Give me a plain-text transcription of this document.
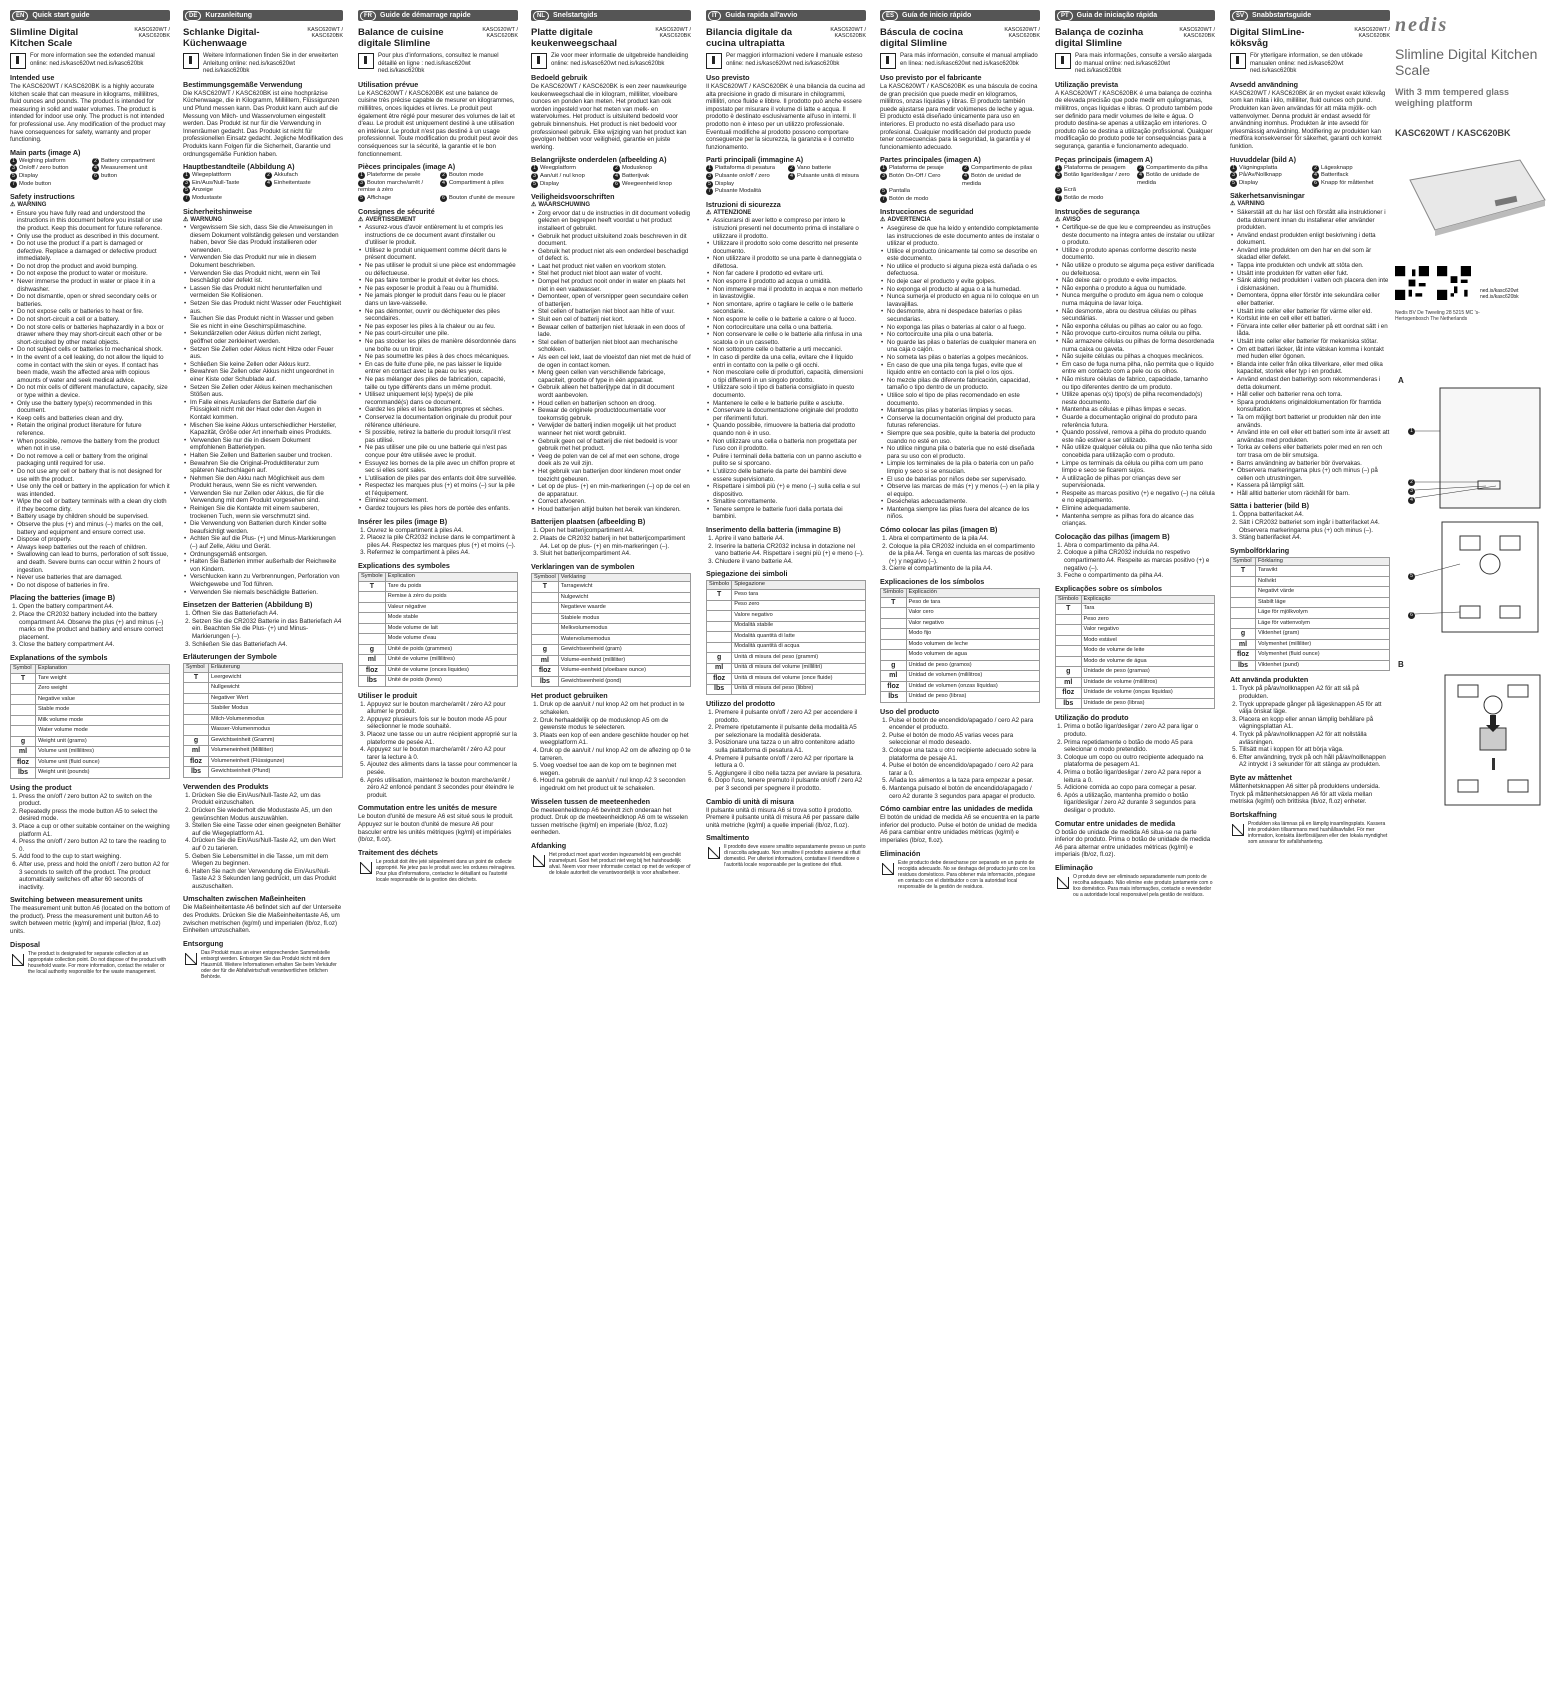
EN	Quick start guide
Slimline Digital Kitchen Scale
KASC620WT / KASC620BK
For more information see the extended manual online: ned.is/kasc620wt ned.is/kasc620bk
Intended use

The KASC620WT / KASC620BK is a highly accurate kitchen scale that can measure in kilograms, millilitres, fluid ounces and pounds. The product is intended for measuring in solid and water volumes. The product is intended for indoor use only. The product is not intended for professional use. Any modification of the product may have consequences for safety, warranty and proper functioning.

Main parts (image A)
1 Weighing platform	2 Battery compartment
3 On/off / zero button	4 Measurement unit
5 Display	6 button
7 Mode button
Safety instructions
⚠ WARNING
• Ensure you have fully read and understood the instructions in this document before you install or use the product. Keep this document for future reference.
• Only use the product as described in this document.
• Do not use the product if a part is damaged or defective. Replace a damaged or defective product immediately.
• Do not drop the product and avoid bumping.
• Do not expose the product to water or moisture.
• Never immerse the product in water or place it in a dishwasher.
• Do not dismantle, open or shred secondary cells or batteries.
• Do not expose cells or batteries to heat or fire.
• Do not short-circuit a cell or a battery.
• Do not store cells or batteries haphazardly in a box or drawer where they may short-circuit each other or be short-circuited by other metal objects.
• Do not subject cells or batteries to mechanical shock.
• In the event of a cell leaking, do not allow the liquid to come in contact with the skin or eyes. If contact has been made, wash the affected area with copious amounts of water and seek medical advice.
• Do not mix cells of different manufacture, capacity, size or type within a device.
• Only use the battery type(s) recommended in this document.
• Keep cells and batteries clean and dry.
• Retain the original product literature for future reference.
• When possible, remove the battery from the product when not in use.
• Do not remove a cell or battery from the original packaging until required for use.
• Do not use any cell or battery that is not designed for use with the product.
• Use only the cell or battery in the application for which it was intended.
• Wipe the cell or battery terminals with a clean dry cloth if they become dirty.
• Battery usage by children should be supervised.
• Observe the plus (+) and minus (–) marks on the cell, battery and equipment and ensure correct use.
• Dispose of properly.
• Always keep batteries out the reach of children.
• Swallowing can lead to burns, perforation of soft tissue, and death. Severe burns can occur within 2 hours of ingestion.
• Never use batteries that are damaged.
• Do not dispose of batteries in fire.
Placing the batteries (image B)
1. Open the battery compartment A4.
2. Place the CR2032 battery included into the battery compartment A4. Observe the plus (+) and minus (–) marks on the product and battery and ensure correct placement.
3. Close the battery compartment A4.
Explanations of the symbols
Symbol	Explanation
T	Tare weight
	Zero weight
	Negative value
	Stable mode
	Milk volume mode
	Water volume mode
g	Weight unit (grams)
ml	Volume unit (millilitres)
floz	Volume unit (fluid ounce)
lbs	Weight unit (pounds)
Using the product
1. Press the on/off / zero button A2 to switch on the product.
2. Repeatedly press the mode button A5 to select the desired mode.
3. Place a cup or other suitable container on the weighing platform A1.
4. Press the on/off / zero button A2 to tare the reading to 0.
5. Add food to the cup to start weighing.
6. After use, press and hold the on/off / zero button A2 for 3 seconds to switch off the product. The product automatically switches off after 60 seconds of inactivity.
Switching between measurement units

The measurement unit button A6 (located on the bottom of the product). Press the measurement unit button A6 to switch between metric (kg/ml) and imperial (lb/oz, fl.oz) units.

Disposal
The product is designated for separate collection at an appropriate collection point. Do not dispose of the product with household waste. For more information, contact the retailer or the local authority responsible for the waste management.
DE	Kurzanleitung
Schlanke Digital-Küchenwaage
KASC620WT / KASC620BK
Weitere Informationen finden Sie in der erweiterten Anleitung online: ned.is/kasc620wt ned.is/kasc620bk
Bestimmungsgemäße Verwendung

Die KASC620WT / KASC620BK ist eine hochpräzise Küchenwaage, die in Kilogramm, Millilitern, Flüssigunzen und Pfund messen kann. Das Produkt kann auch auf die Messung von Milch- und Wasservolumen eingestellt werden. Das Produkt ist nur für die Verwendung in Innenräumen gedacht. Das Produkt ist nicht für professionellen Einsatz gedacht. Jegliche Modifikation des Produkts kann Folgen für die Sicherheit, Garantie und ordnungsgemäße Funktion haben.

Hauptbestandteile (Abbildung A)
1 Wiegeplattform	2 Akkufach
3 Ein/Aus/Null-Taste	4 Einheitentaste
5 Anzeige
7 Modustaste
Sicherheitshinweise
⚠ WARNUNG
• Vergewissern Sie sich, dass Sie die Anweisungen in diesem Dokument vollständig gelesen und verstanden haben, bevor Sie das Produkt installieren oder verwenden.
• Verwenden Sie das Produkt nur wie in diesem Dokument beschrieben.
• Verwenden Sie das Produkt nicht, wenn ein Teil beschädigt oder defekt ist.
• Lassen Sie das Produkt nicht herunterfallen und vermeiden Sie Kollisionen.
• Setzen Sie das Produkt nicht Wasser oder Feuchtigkeit aus.
• Tauchen Sie das Produkt nicht in Wasser und geben Sie es nicht in eine Geschirrspülmaschine.
• Sekundärzellen oder Akkus dürfen nicht zerlegt, geöffnet oder zerkleinert werden.
• Setzen Sie Zellen oder Akkus nicht Hitze oder Feuer aus.
• Schließen Sie keine Zellen oder Akkus kurz.
• Bewahren Sie Zellen oder Akkus nicht ungeordnet in einer Kiste oder Schublade auf.
• Setzen Sie Zellen oder Akkus keinen mechanischen Stößen aus.
• Im Falle eines Auslaufens der Batterie darf die Flüssigkeit nicht mit der Haut oder den Augen in Kontakt kommen.
• Mischen Sie keine Akkus unterschiedlicher Hersteller, Kapazität, Größe oder Art innerhalb eines Produkts.
• Verwenden Sie nur die in diesem Dokument empfohlenen Batterietypen.
• Halten Sie Zellen und Batterien sauber und trocken.
• Bewahren Sie die Original-Produktliteratur zum späteren Nachschlagen auf.
• Nehmen Sie den Akku nach Möglichkeit aus dem Produkt heraus, wenn Sie es nicht verwenden.
• Verwenden Sie nur Zellen oder Akkus, die für die Verwendung mit dem Produkt vorgesehen sind.
• Reinigen Sie die Kontakte mit einem sauberen, trockenen Tuch, wenn sie verschmutzt sind.
• Die Verwendung von Batterien durch Kinder sollte beaufsichtigt werden.
• Achten Sie auf die Plus- (+) und Minus-Markierungen (–) auf Zelle, Akku und Gerät.
• Ordnungsgemäß entsorgen.
• Halten Sie Batterien immer außerhalb der Reichweite von Kindern.
• Verschlucken kann zu Verbrennungen, Perforation von Weichgewebe und Tod führen.
• Verwenden Sie niemals beschädigte Batterien.
Einsetzen der Batterien (Abbildung B)
1. Öffnen Sie das Batteriefach A4.
2. Setzen Sie die CR2032 Batterie in das Batteriefach A4 ein. Beachten Sie die Plus- (+) und Minus-Markierungen (–).
3. Schließen Sie das Batteriefach A4.
Erläuterungen der Symbole
Symbol	Erläuterung
T	Leergewicht
	Nullgewicht
	Negativer Wert
	Stabiler Modus
	Milch-Volumenmodus
	Wasser-Volumenmodus
g	Gewichtseinheit (Gramm)
ml	Volumeneinheit (Milliliter)
floz	Volumeneinheit (Flüssigunze)
lbs	Gewichtseinheit (Pfund)
Verwenden des Produkts
1. Drücken Sie die Ein/Aus/Null-Taste A2, um das Produkt einzuschalten.
2. Drücken Sie wiederholt die Modustaste A5, um den gewünschten Modus auszuwählen.
3. Stellen Sie eine Tasse oder einen geeigneten Behälter auf die Wiegeplattform A1.
4. Drücken Sie die Ein/Aus/Null-Taste A2, um den Wert auf 0 zu tarieren.
5. Geben Sie Lebensmittel in die Tasse, um mit dem Wiegen zu beginnen.
6. Halten Sie nach der Verwendung die Ein/Aus/Null-Taste A2 3 Sekunden lang gedrückt, um das Produkt auszuschalten.
Umschalten zwischen Maßeinheiten

Die Maßeinheitentaste A6 befindet sich auf der Unterseite des Produkts. Drücken Sie die Maßeinheitentaste A6, um zwischen metrischen (kg/ml) und imperialen (lb/oz, fl.oz) Einheiten umzuschalten.

Entsorgung
Das Produkt muss an einer entsprechenden Sammelstelle entsorgt werden. Entsorgen Sie das Produkt nicht mit dem Hausmüll. Weitere Informationen erhalten Sie beim Verkäufer oder der für die Abfallwirtschaft verantwortlichen örtlichen Behörde.
FR	Guide de démarrage rapide
Balance de cuisine digitale Slimline
KASC620WT / KASC620BK
Pour plus d'informations, consultez le manuel détaillé en ligne : ned.is/kasc620wt ned.is/kasc620bk
Utilisation prévue

Le KASC620WT / KASC620BK est une balance de cuisine très précise capable de mesurer en kilogrammes, millilitres, onces liquides et livres. Le produit peut également être réglé pour mesurer des volumes de lait et d'eau. Le produit est uniquement destiné à une utilisation en intérieur. Le produit n'est pas destiné à un usage professionnel. Toute modification du produit peut avoir des conséquences sur la sécurité, la garantie et le bon fonctionnement.

Pièces principales (image A)
1 Plateforme de pesée	2 Bouton mode
3 Bouton marche/arrêt / remise à zéro
4 Compartiment à piles
5 Affichage	6 Bouton d'unité de mesure
Consignes de sécurité
⚠ AVERTISSEMENT
• Assurez-vous d'avoir entièrement lu et compris les instructions de ce document avant d'installer ou d'utiliser le produit.
• Utilisez le produit uniquement comme décrit dans le présent document.
• Ne pas utiliser le produit si une pièce est endommagée ou défectueuse.
• Ne pas faire tomber le produit et éviter les chocs.
• Ne pas exposer le produit à l'eau ou à l'humidité.
• Ne jamais plonger le produit dans l'eau ou le placer dans un lave-vaisselle.
• Ne pas démonter, ouvrir ou déchiqueter des piles secondaires.
• Ne pas exposer les piles à la chaleur ou au feu.
• Ne pas court-circuiter une pile.
• Ne pas stocker les piles de manière désordonnée dans une boîte ou un tiroir.
• Ne pas soumettre les piles à des chocs mécaniques.
• En cas de fuite d'une pile, ne pas laisser le liquide entrer en contact avec la peau ou les yeux.
• Ne pas mélanger des piles de fabrication, capacité, taille ou type différents dans un même produit.
• Utilisez uniquement le(s) type(s) de pile recommandé(s) dans ce document.
• Gardez les piles et les batteries propres et sèches.
• Conservez la documentation originale du produit pour référence ultérieure.
• Si possible, retirez la batterie du produit lorsqu'il n'est pas utilisé.
• Ne pas utiliser une pile ou une batterie qui n'est pas conçue pour être utilisée avec le produit.
• Essuyez les bornes de la pile avec un chiffon propre et sec si elles sont sales.
• L'utilisation de piles par des enfants doit être surveillée.
• Respectez les marques plus (+) et moins (–) sur la pile et l'équipement.
• Éliminez correctement.
• Gardez toujours les piles hors de portée des enfants.
Insérer les piles (image B)
1. Ouvrez le compartiment à piles A4.
2. Placez la pile CR2032 incluse dans le compartiment à piles A4. Respectez les marques plus (+) et moins (–).
3. Refermez le compartiment à piles A4.
Explications des symboles
Symbole	Explication
T	Tare du poids
	Remise à zéro du poids
	Valeur négative
	Mode stable
	Mode volume de lait
	Mode volume d'eau
g	Unité de poids (grammes)
ml	Unité de volume (millilitres)
floz	Unité de volume (onces liquides)
lbs	Unité de poids (livres)
Utiliser le produit
1. Appuyez sur le bouton marche/arrêt / zéro A2 pour allumer le produit.
2. Appuyez plusieurs fois sur le bouton mode A5 pour sélectionner le mode souhaité.
3. Placez une tasse ou un autre récipient approprié sur la plateforme de pesée A1.
4. Appuyez sur le bouton marche/arrêt / zéro A2 pour tarer la lecture à 0.
5. Ajoutez des aliments dans la tasse pour commencer la pesée.
6. Après utilisation, maintenez le bouton marche/arrêt / zéro A2 enfoncé pendant 3 secondes pour éteindre le produit.
Commutation entre les unités de mesure

Le bouton d'unité de mesure A6 est situé sous le produit. Appuyez sur le bouton d'unité de mesure A6 pour basculer entre les unités métriques (kg/ml) et impériales (lb/oz, fl.oz).

Traitement des déchets
Le produit doit être jeté séparément dans un point de collecte approprié. Ne jetez pas le produit avec les ordures ménagères. Pour plus d'informations, contactez le détaillant ou l'autorité locale responsable de la gestion des déchets.
NL	Snelstartgids
Platte digitale keukenweegschaal
KASC620WT / KASC620BK
Zie voor meer informatie de uitgebreide handleiding online: ned.is/kasc620wt ned.is/kasc620bk
Bedoeld gebruik

De KASC620WT / KASC620BK is een zeer nauwkeurige keukenweegschaal die in kilogram, milliliter, vloeibare ounces en ponden kan meten. Het product kan ook worden ingesteld voor het meten van melk- en watervolumes. Het product is uitsluitend bedoeld voor gebruik binnenshuis. Het product is niet bedoeld voor professioneel gebruik. Elke wijziging van het product kan gevolgen hebben voor veiligheid, garantie en juiste werking.

Belangrijkste onderdelen (afbeelding A)
1 Weegplatform	2 Modusknop
3 Aan/uit / nul knop	4 Batterijvak
5 Display	6 Weegeenheid knop
Veiligheidsvoorschriften
⚠ WAARSCHUWING
• Zorg ervoor dat u de instructies in dit document volledig gelezen en begrepen heeft voordat u het product installeert of gebruikt.
• Gebruik het product uitsluitend zoals beschreven in dit document.
• Gebruik het product niet als een onderdeel beschadigd of defect is.
• Laat het product niet vallen en voorkom stoten.
• Stel het product niet bloot aan water of vocht.
• Dompel het product nooit onder in water en plaats het niet in een vaatwasser.
• Demonteer, open of versnipper geen secundaire cellen of batterijen.
• Stel cellen of batterijen niet bloot aan hitte of vuur.
• Sluit een cel of batterij niet kort.
• Bewaar cellen of batterijen niet lukraak in een doos of lade.
• Stel cellen of batterijen niet bloot aan mechanische schokken.
• Als een cel lekt, laat de vloeistof dan niet met de huid of de ogen in contact komen.
• Meng geen cellen van verschillende fabricage, capaciteit, grootte of type in één apparaat.
• Gebruik alleen het batterijtype dat in dit document wordt aanbevolen.
• Houd cellen en batterijen schoon en droog.
• Bewaar de originele productdocumentatie voor toekomstig gebruik.
• Verwijder de batterij indien mogelijk uit het product wanneer het niet wordt gebruikt.
• Gebruik geen cel of batterij die niet bedoeld is voor gebruik met het product.
• Veeg de polen van de cel af met een schone, droge doek als ze vuil zijn.
• Het gebruik van batterijen door kinderen moet onder toezicht gebeuren.
• Let op de plus- (+) en min-markeringen (–) op de cel en de apparatuur.
• Correct afvoeren.
• Houd batterijen altijd buiten het bereik van kinderen.
Batterijen plaatsen (afbeelding B)
1. Open het batterijcompartiment A4.
2. Plaats de CR2032 batterij in het batterijcompartiment A4. Let op de plus- (+) en min-markeringen (–).
3. Sluit het batterijcompartiment A4.
Verklaringen van de symbolen
Symbool	Verklaring
T	Tarragewicht
	Nulgewicht
	Negatieve waarde
	Stabiele modus
	Melkvolumemodus
	Watervolumemodus
g	Gewichtseenheid (gram)
ml	Volume-eenheid (milliliter)
floz	Volume-eenheid (vloeibare ounce)
lbs	Gewichtseenheid (pond)
Het product gebruiken
1. Druk op de aan/uit / nul knop A2 om het product in te schakelen.
2. Druk herhaaldelijk op de modusknop A5 om de gewenste modus te selecteren.
3. Plaats een kop of een andere geschikte houder op het weegplatform A1.
4. Druk op de aan/uit / nul knop A2 om de aflezing op 0 te tarreren.
5. Voeg voedsel toe aan de kop om te beginnen met wegen.
6. Houd na gebruik de aan/uit / nul knop A2 3 seconden ingedrukt om het product uit te schakelen.
Wisselen tussen de meeteenheden

De meeteenheidknop A6 bevindt zich onderaan het product. Druk op de meeteenheidknop A6 om te wisselen tussen metrische (kg/ml) en imperiale (lb/oz, fl.oz) eenheden.

Afdanking
Het product moet apart worden ingezameld bij een geschikt inzamelpunt. Gooi het product niet weg bij het huishoudelijk afval. Neem voor meer informatie contact op met de verkoper of de lokale autoriteit die verantwoordelijk is voor afvalbeheer.
IT	Guida rapida all'avvio
Bilancia digitale da cucina ultrapiatta
KASC620WT / KASC620BK
Per maggiori informazioni vedere il manuale esteso online: ned.is/kasc620wt ned.is/kasc620bk
Uso previsto

Il KASC620WT / KASC620BK è una bilancia da cucina ad alta precisione in grado di misurare in chilogrammi, millilitri, once fluide e libbre. Il prodotto può anche essere impostato per misurare il volume di latte e acqua. Il prodotto è destinato esclusivamente all'uso in interni. Il prodotto non è inteso per un utilizzo professionale. Eventuali modifiche al prodotto possono comportare conseguenze per la sicurezza, la garanzia e il corretto funzionamento.

Parti principali (immagine A)
1 Piattaforma di pesatura	2 Vano batterie
3 Pulsante on/off / zero	4 Pulsante unità di misura
5 Display
7 Pulsante Modalità
Istruzioni di sicurezza
⚠ ATTENZIONE
• Assicurarsi di aver letto e compreso per intero le istruzioni presenti nel documento prima di installare o utilizzare il prodotto.
• Utilizzare il prodotto solo come descritto nel presente documento.
• Non utilizzare il prodotto se una parte è danneggiata o difettosa.
• Non far cadere il prodotto ed evitare urti.
• Non esporre il prodotto ad acqua o umidità.
• Non immergere mai il prodotto in acqua e non metterlo in lavastoviglie.
• Non smontare, aprire o tagliare le celle o le batterie secondarie.
• Non esporre le celle o le batterie a calore o al fuoco.
• Non cortocircuitare una cella o una batteria.
• Non conservare le celle o le batterie alla rinfusa in una scatola o in un cassetto.
• Non sottoporre celle o batterie a urti meccanici.
• In caso di perdite da una cella, evitare che il liquido entri in contatto con la pelle o gli occhi.
• Non mescolare celle di produttori, capacità, dimensioni o tipi differenti in un singolo prodotto.
• Utilizzare solo il tipo di batteria consigliato in questo documento.
• Mantenere le celle e le batterie pulite e asciutte.
• Conservare la documentazione originale del prodotto per riferimenti futuri.
• Quando possibile, rimuovere la batteria dal prodotto quando non è in uso.
• Non utilizzare una cella o batteria non progettata per l'uso con il prodotto.
• Pulire i terminali della batteria con un panno asciutto e pulito se si sporcano.
• L'utilizzo delle batterie da parte dei bambini deve essere supervisionato.
• Rispettare i simboli più (+) e meno (–) sulla cella e sul dispositivo.
• Smaltire correttamente.
• Tenere sempre le batterie fuori dalla portata dei bambini.
Inserimento della batteria (immagine B)
1. Aprire il vano batterie A4.
2. Inserire la batteria CR2032 inclusa in dotazione nel vano batterie A4. Rispettare i segni più (+) e meno (–).
3. Chiudere il vano batterie A4.
Spiegazione dei simboli
Simbolo	Spiegazione
T	Peso tara
	Peso zero
	Valore negativo
	Modalità stabile
	Modalità quantità di latte
	Modalità quantità di acqua
g	Unità di misura del peso (grammi)
ml	Unità di misura del volume (millilitri)
floz	Unità di misura del volume (once fluide)
lbs	Unità di misura del peso (libbre)
Utilizzo del prodotto
1. Premere il pulsante on/off / zero A2 per accendere il prodotto.
2. Premere ripetutamente il pulsante della modalità A5 per selezionare la modalità desiderata.
3. Posizionare una tazza o un altro contenitore adatto sulla piattaforma di pesatura A1.
4. Premere il pulsante on/off / zero A2 per riportare la lettura a 0.
5. Aggiungere il cibo nella tazza per avviare la pesatura.
6. Dopo l'uso, tenere premuto il pulsante on/off / zero A2 per 3 secondi per spegnere il prodotto.
Cambio di unità di misura

Il pulsante unità di misura A6 si trova sotto il prodotto. Premere il pulsante unità di misura A6 per passare dalle unità metriche (kg/ml) a quelle imperiali (lb/oz, fl.oz).

Smaltimento
Il prodotto deve essere smaltito separatamente presso un punto di raccolta adeguato. Non smaltire il prodotto assieme ai rifiuti domestici. Per ulteriori informazioni, contattare il rivenditore o l'autorità locale responsabile per la gestione dei rifiuti.
ES	Guía de inicio rápido
Báscula de cocina digital Slimline
KASC620WT / KASC620BK
Para más información, consulte el manual ampliado en línea: ned.is/kasc620wt ned.is/kasc620bk
Uso previsto por el fabricante

La KASC620WT / KASC620BK es una báscula de cocina de gran precisión que puede medir en kilogramos, mililitros, onzas líquidas y libras. El producto también puede ajustarse para medir volúmenes de leche y agua. El producto está diseñado únicamente para uso en interiores. El producto no está diseñado para uso profesional. Cualquier modificación del producto puede tener consecuencias para la seguridad, la garantía y el funcionamiento adecuado.

Partes principales (imagen A)
1 Plataforma de pesaje	2 Compartimento de pilas
3 Botón On-Off / Cero	4 Botón de unidad de medida
5 Pantalla
7 Botón de modo
Instrucciones de seguridad
⚠ ADVERTENCIA
• Asegúrese de que ha leído y entendido completamente las instrucciones de este documento antes de instalar o utilizar el producto.
• Utilice el producto únicamente tal como se describe en este documento.
• No utilice el producto si alguna pieza está dañada o es defectuosa.
• No deje caer el producto y evite golpes.
• No exponga el producto al agua o a la humedad.
• Nunca sumerja el producto en agua ni lo coloque en un lavavajillas.
• No desmonte, abra ni despedace baterías o pilas secundarias.
• No exponga las pilas o baterías al calor o al fuego.
• No cortocircuite una pila o una batería.
• No guarde las pilas o baterías de cualquier manera en una caja o cajón.
• No someta las pilas o baterías a golpes mecánicos.
• En caso de que una pila tenga fugas, evite que el líquido entre en contacto con la piel o los ojos.
• No mezcle pilas de diferente fabricación, capacidad, tamaño o tipo dentro de un producto.
• Utilice solo el tipo de pilas recomendado en este documento.
• Mantenga las pilas y baterías limpias y secas.
• Conserve la documentación original del producto para futuras referencias.
• Siempre que sea posible, quite la batería del producto cuando no esté en uso.
• No utilice ninguna pila o batería que no esté diseñada para su uso con el producto.
• Limpie los terminales de la pila o batería con un paño limpio y seco si se ensucian.
• El uso de baterías por niños debe ser supervisado.
• Observe las marcas de más (+) y menos (–) en la pila y el equipo.
• Deséchelas adecuadamente.
• Mantenga siempre las pilas fuera del alcance de los niños.
Cómo colocar las pilas (imagen B)
1. Abra el compartimento de la pila A4.
2. Coloque la pila CR2032 incluida en el compartimento de la pila A4. Tenga en cuenta las marcas de positivo (+) y negativo (–).
3. Cierre el compartimento de la pila A4.
Explicaciones de los símbolos
Símbolo	Explicación
T	Peso de tara
	Valor cero
	Valor negativo
	Modo fijo
	Modo volumen de leche
	Modo volumen de agua
g	Unidad de peso (gramos)
ml	Unidad de volumen (mililitros)
floz	Unidad de volumen (onzas líquidas)
lbs	Unidad de peso (libras)
Uso del producto
1. Pulse el botón de encendido/apagado / cero A2 para encender el producto.
2. Pulse el botón de modo A5 varias veces para seleccionar el modo deseado.
3. Coloque una taza u otro recipiente adecuado sobre la plataforma de pesaje A1.
4. Pulse el botón de encendido/apagado / cero A2 para tarar a 0.
5. Añada los alimentos a la taza para empezar a pesar.
6. Mantenga pulsado el botón de encendido/apagado / cero A2 durante 3 segundos para apagar el producto.
Cómo cambiar entre las unidades de medida

El botón de unidad de medida A6 se encuentra en la parte inferior del producto. Pulse el botón de unidad de medida A6 para cambiar entre unidades métricas (kg/ml) e imperiales (lb/oz, fl.oz).

Eliminación
Este producto debe desecharse por separado en un punto de recogida adecuado. No se deshaga del producto junto con los residuos domésticos. Para obtener más información, póngase en contacto con el distribuidor o con la autoridad local responsable de la gestión de residuos.
PT	Guia de iniciação rápida
Balança de cozinha digital Slimline
KASC620WT / KASC620BK
Para mais informações, consulte a versão alargada do manual online: ned.is/kasc620wt ned.is/kasc620bk
Utilização prevista

A KASC620WT / KASC620BK é uma balança de cozinha de elevada precisão que pode medir em quilogramas, mililitros, onças líquidas e libras. O produto também pode ser definido para medir volumes de leite e água. O produto destina-se apenas a utilização em interiores. O produto não se destina a utilização profissional. Qualquer modificação do produto pode ter consequências para a segurança, garantia e funcionamento adequado.

Peças principais (imagem A)
1 Plataforma de pesagem	2 Compartimento da pilha
3 Botão ligar/desligar / zero	4 Botão de unidade de medida
5 Ecrã
7 Botão de modo
Instruções de segurança
⚠ AVISO
• Certifique-se de que leu e compreendeu as instruções deste documento na íntegra antes de instalar ou utilizar o produto.
• Utilize o produto apenas conforme descrito neste documento.
• Não utilize o produto se alguma peça estiver danificada ou defeituosa.
• Não deixe cair o produto e evite impactos.
• Não exponha o produto a água ou humidade.
• Nunca mergulhe o produto em água nem o coloque numa máquina de lavar loiça.
• Não desmonte, abra ou destrua células ou pilhas secundárias.
• Não exponha células ou pilhas ao calor ou ao fogo.
• Não provoque curto-circuitos numa célula ou pilha.
• Não armazene células ou pilhas de forma desordenada numa caixa ou gaveta.
• Não sujeite células ou pilhas a choques mecânicos.
• Em caso de fuga numa pilha, não permita que o líquido entre em contacto com a pele ou os olhos.
• Não misture células de fabrico, capacidade, tamanho ou tipo diferentes dentro de um produto.
• Utilize apenas o(s) tipo(s) de pilha recomendado(s) neste documento.
• Mantenha as células e pilhas limpas e secas.
• Guarde a documentação original do produto para referência futura.
• Quando possível, remova a pilha do produto quando este não estiver a ser utilizado.
• Não utilize qualquer célula ou pilha que não tenha sido concebida para utilização com o produto.
• Limpe os terminais da célula ou pilha com um pano limpo e seco se ficarem sujos.
• A utilização de pilhas por crianças deve ser supervisionada.
• Respeite as marcas positivo (+) e negativo (–) na célula e no equipamento.
• Elimine adequadamente.
• Mantenha sempre as pilhas fora do alcance das crianças.
Colocação das pilhas (imagem B)
1. Abra o compartimento da pilha A4.
2. Coloque a pilha CR2032 incluída no respetivo compartimento A4. Respeite as marcas positivo (+) e negativo (–).
3. Feche o compartimento da pilha A4.
Explicações sobre os símbolos
Símbolo	Explicação
T	Tara
	Peso zero
	Valor negativo
	Modo estável
	Modo de volume de leite
	Modo de volume de água
g	Unidade de peso (gramas)
ml	Unidade de volume (mililitros)
floz	Unidade de volume (onças líquidas)
lbs	Unidade de peso (libras)
Utilização do produto
1. Prima o botão ligar/desligar / zero A2 para ligar o produto.
2. Prima repetidamente o botão de modo A5 para selecionar o modo pretendido.
3. Coloque um copo ou outro recipiente adequado na plataforma de pesagem A1.
4. Prima o botão ligar/desligar / zero A2 para repor a leitura a 0.
5. Adicione comida ao copo para começar a pesar.
6. Após a utilização, mantenha premido o botão ligar/desligar / zero A2 durante 3 segundos para desligar o produto.
Comutar entre unidades de medida

O botão de unidade de medida A6 situa-se na parte inferior do produto. Prima o botão de unidade de medida A6 para alternar entre unidades métricas (kg/ml) e imperiais (lb/oz, fl.oz).

Eliminação
O produto deve ser eliminado separadamente num ponto de recolha adequado. Não elimine este produto juntamente com o lixo doméstico. Para mais informações, contacte o revendedor ou a autoridade local responsável pela gestão de resíduos.
SV	Snabbstartsguide
Digital SlimLine-köksvåg
KASC620WT / KASC620BK
För ytterligare information, se den utökade manualen online: ned.is/kasc620wt ned.is/kasc620bk
Avsedd användning

KASC620WT / KASC620BK är en mycket exakt köksvåg som kan mäta i kilo, milliliter, fluid ounces och pund. Produkten kan även användas för att mäta mjölk- och vattenvolymer. Denna produkt är endast avsedd för användning inomhus. Produkten är inte avsedd för yrkesmässig användning. Modifiering av produkten kan medföra konsekvenser för säkerhet, garanti och korrekt funktion.

Huvuddelar (bild A)
1 Vägningsplatta	2 Lägesknapp
3 På/Av/Nollknapp	4 Batterifack
5 Display	6 Knapp för måttenhet
Säkerhetsanvisningar
⚠ VARNING
• Säkerställ att du har läst och förstått alla instruktioner i detta dokument innan du installerar eller använder produkten.
• Använd endast produkten enligt beskrivning i detta dokument.
• Använd inte produkten om den har en del som är skadad eller defekt.
• Tappa inte produkten och undvik att stöta den.
• Utsätt inte produkten för vatten eller fukt.
• Sänk aldrig ned produkten i vatten och placera den inte i diskmaskinen.
• Demontera, öppna eller förstör inte sekundära celler eller batterier.
• Utsätt inte celler eller batterier för värme eller eld.
• Kortslut inte en cell eller ett batteri.
• Förvara inte celler eller batterier på ett oordnat sätt i en låda.
• Utsätt inte celler eller batterier för mekaniska stötar.
• Om ett batteri läcker, låt inte vätskan komma i kontakt med huden eller ögonen.
• Blanda inte celler från olika tillverkare, eller med olika kapacitet, storlek eller typ i en produkt.
• Använd endast den batterityp som rekommenderas i detta dokument.
• Håll celler och batterier rena och torra.
• Spara produktens originaldokumentation för framtida konsultation.
• Ta om möjligt bort batteriet ur produkten när den inte används.
• Använd inte en cell eller ett batteri som inte är avsett att användas med produkten.
• Torka av cellens eller batteriets poler med en ren och torr trasa om de blir smutsiga.
• Barns användning av batterier bör övervakas.
• Observera markeringarna plus (+) och minus (–) på cellen och utrustningen.
• Kassera på lämpligt sätt.
• Håll alltid batterier utom räckhåll för barn.
Sätta i batterier (bild B)
1. Öppna batterifacket A4.
2. Sätt i CR2032 batteriet som ingår i batterifacket A4. Observera markeringarna plus (+) och minus (–).
3. Stäng batterifacket A4.
Symbolförklaring
Symbol	Förklaring
T	Taravikt
	Nollvikt
	Negativt värde
	Stabilt läge
	Läge för mjölkvolym
	Läge för vattenvolym
g	Viktenhet (gram)
ml	Volymenhet (milliliter)
floz	Volymenhet (fluid ounce)
lbs	Viktenhet (pund)
Att använda produkten
1. Tryck på på/av/nollknappen A2 för att slå på produkten.
2. Tryck upprepade gånger på lägesknappen A5 för att välja önskat läge.
3. Placera en kopp eller annan lämplig behållare på vägningsplattan A1.
4. Tryck på på/av/nollknappen A2 för att nollställa avläsningen.
5. Tillsätt mat i koppen för att börja väga.
6. Efter användning, tryck på och håll på/av/nollknappen A2 intryckt i 3 sekunder för att stänga av produkten.
Byte av måttenhet

Måttenhetsknappen A6 sitter på produktens undersida. Tryck på måttenhetsknappen A6 för att växla mellan metriska (kg/ml) och brittiska (lb/oz, fl.oz) enheter.

Bortskaffning
Produkten ska lämnas på en lämplig insamlingsplats. Kassera inte produkten tillsammans med hushållsavfallet. För mer information, kontakta återförsäljaren eller den lokala myndighet som ansvarar för avfallshantering.
nedis
Slimline Digital Kitchen Scale
With 3 mm tempered glass weighing platform
KASC620WT / KASC620BK
ned.is/kasc620wt ned.is/kasc620bk
Nedis BV De Tweeling 28 5215 MC 's-Hertogenbosch The Netherlands
A
B
1
2
3
4
5
6
